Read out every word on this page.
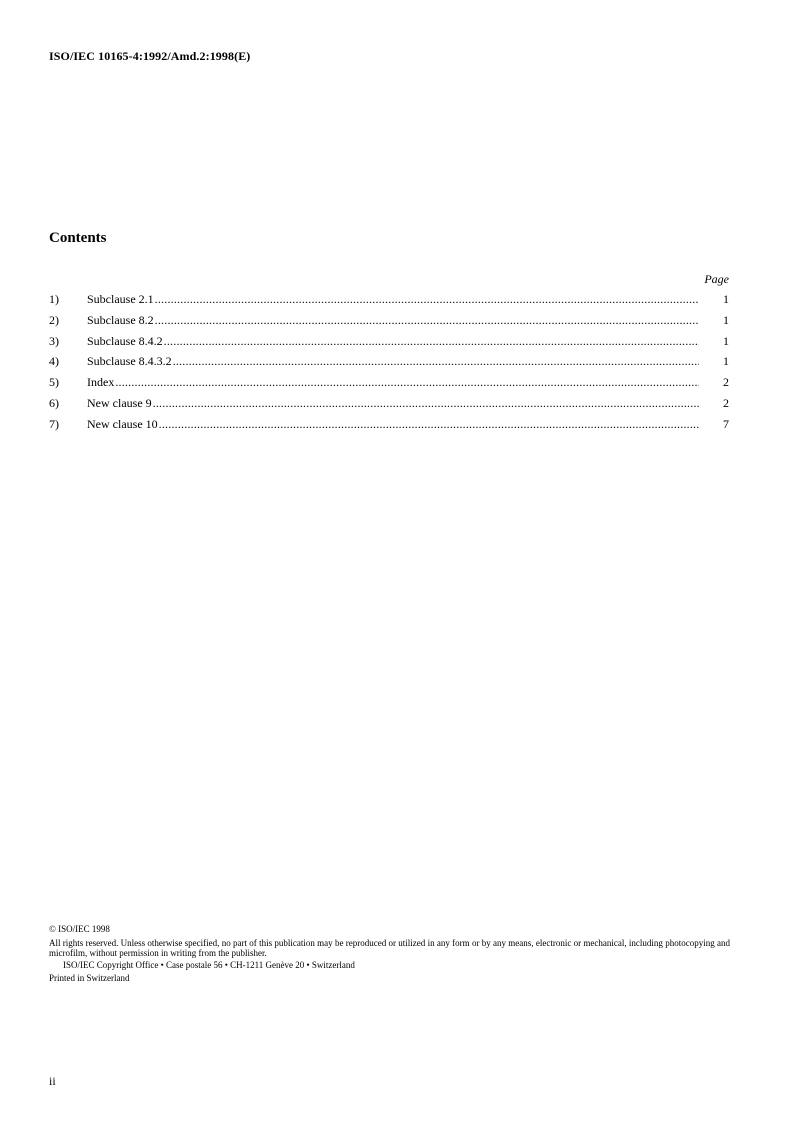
ISO/IEC 10165-4:1992/Amd.2:1998(E)
Contents
Page
1)	Subclause 2.1 .....	1
2)	Subclause 8.2 .....	1
3)	Subclause 8.4.2 .....	1
4)	Subclause 8.4.3.2 .....	1
5)	Index .....	2
6)	New clause 9 .....	2
7)	New clause 10 .....	7
© ISO/IEC 1998
All rights reserved. Unless otherwise specified, no part of this publication may be reproduced or utilized in any form or by any means, electronic or mechanical, including photocopying and microfilm, without permission in writing from the publisher.
ISO/IEC Copyright Office • Case postale 56 • CH-1211 Genève 20 • Switzerland
Printed in Switzerland
ii
